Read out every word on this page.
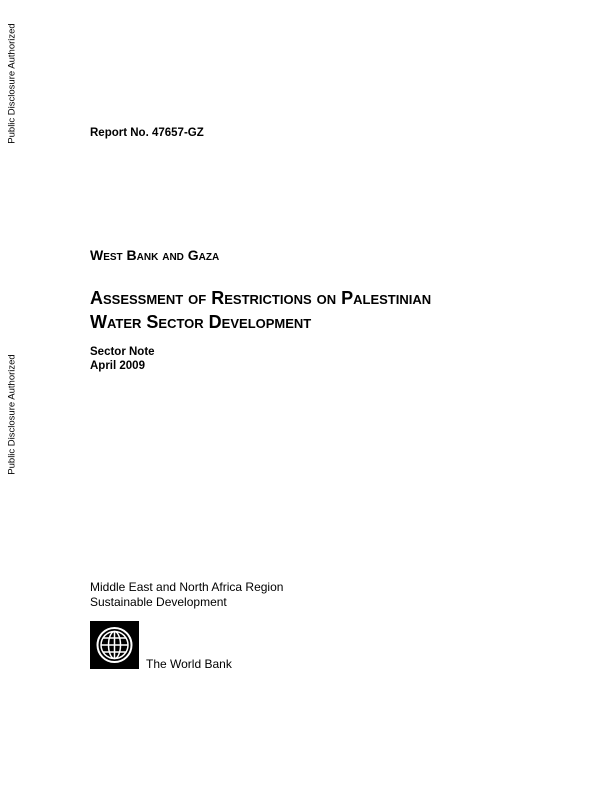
Public Disclosure Authorized
Public Disclosure Authorized
Report No. 47657-GZ
West Bank and Gaza
Assessment of Restrictions on Palestinian
Water Sector Development
Sector Note
April 2009
Middle East and North Africa Region
Sustainable Development
The World Bank
